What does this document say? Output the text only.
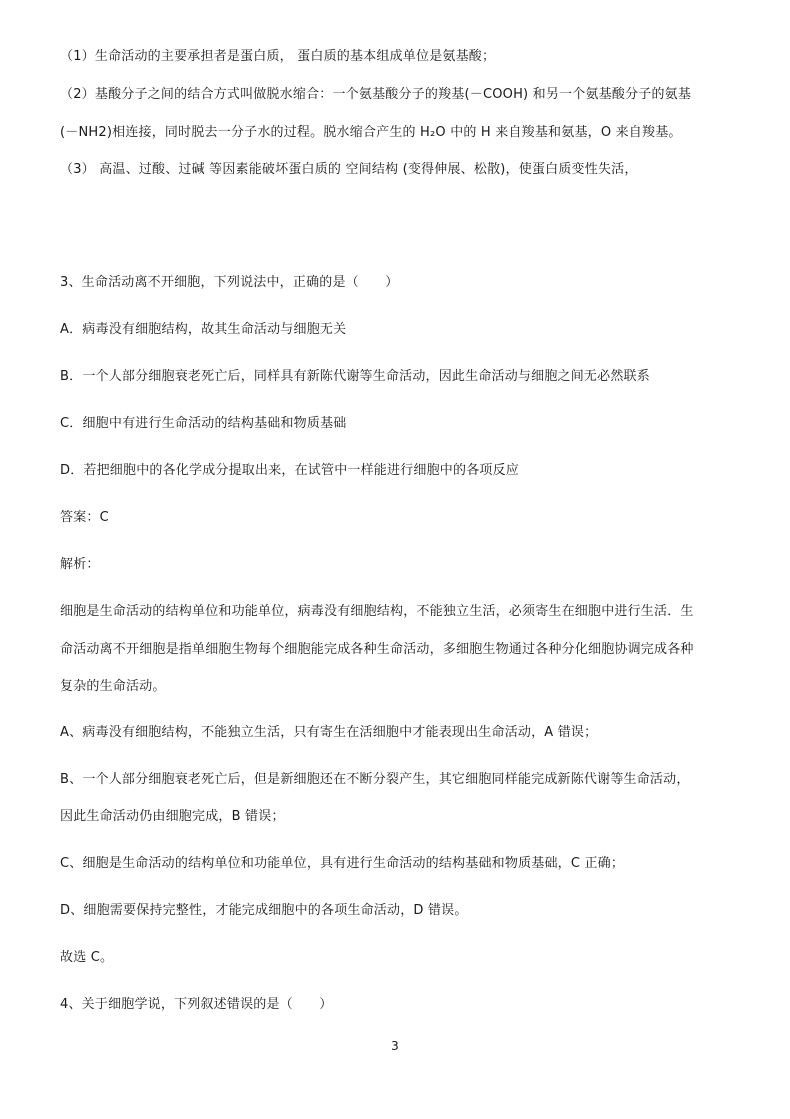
（1）生命活动的主要承担者是蛋白质， 蛋白质的基本组成单位是氨基酸；
（2）基酸分子之间的结合方式叫做脱水缩合：一个氨基酸分子的羧基(－COOH) 和另一个氨基酸分子的氨基
(－NH2)相连接，同时脱去一分子水的过程。脱水缩合产生的 H₂O 中的 H 来自羧基和氨基，O 来自羧基。
（3） 高温、过酸、过碱 等因素能破坏蛋白质的 空间结构 (变得伸展、松散)，使蛋白质变性失活，
3、生命活动离不开细胞，下列说法中，正确的是（　　）
A．病毒没有细胞结构，故其生命活动与细胞无关
B．一个人部分细胞衰老死亡后，同样具有新陈代谢等生命活动，因此生命活动与细胞之间无必然联系
C．细胞中有进行生命活动的结构基础和物质基础
D．若把细胞中的各化学成分提取出来，在试管中一样能进行细胞中的各项反应
答案：C
解析：
细胞是生命活动的结构单位和功能单位，病毒没有细胞结构，不能独立生活，必须寄生在细胞中进行生活．生
命活动离不开细胞是指单细胞生物每个细胞能完成各种生命活动，多细胞生物通过各种分化细胞协调完成各种
复杂的生命活动。
A、病毒没有细胞结构，不能独立生活，只有寄生在活细胞中才能表现出生命活动，A 错误；
B、一个人部分细胞衰老死亡后，但是新细胞还在不断分裂产生，其它细胞同样能完成新陈代谢等生命活动，
因此生命活动仍由细胞完成，B 错误；
C、细胞是生命活动的结构单位和功能单位，具有进行生命活动的结构基础和物质基础，C 正确；
D、细胞需要保持完整性，才能完成细胞中的各项生命活动，D 错误。
故选 C。
4、关于细胞学说，下列叙述错误的是（　　）
3
